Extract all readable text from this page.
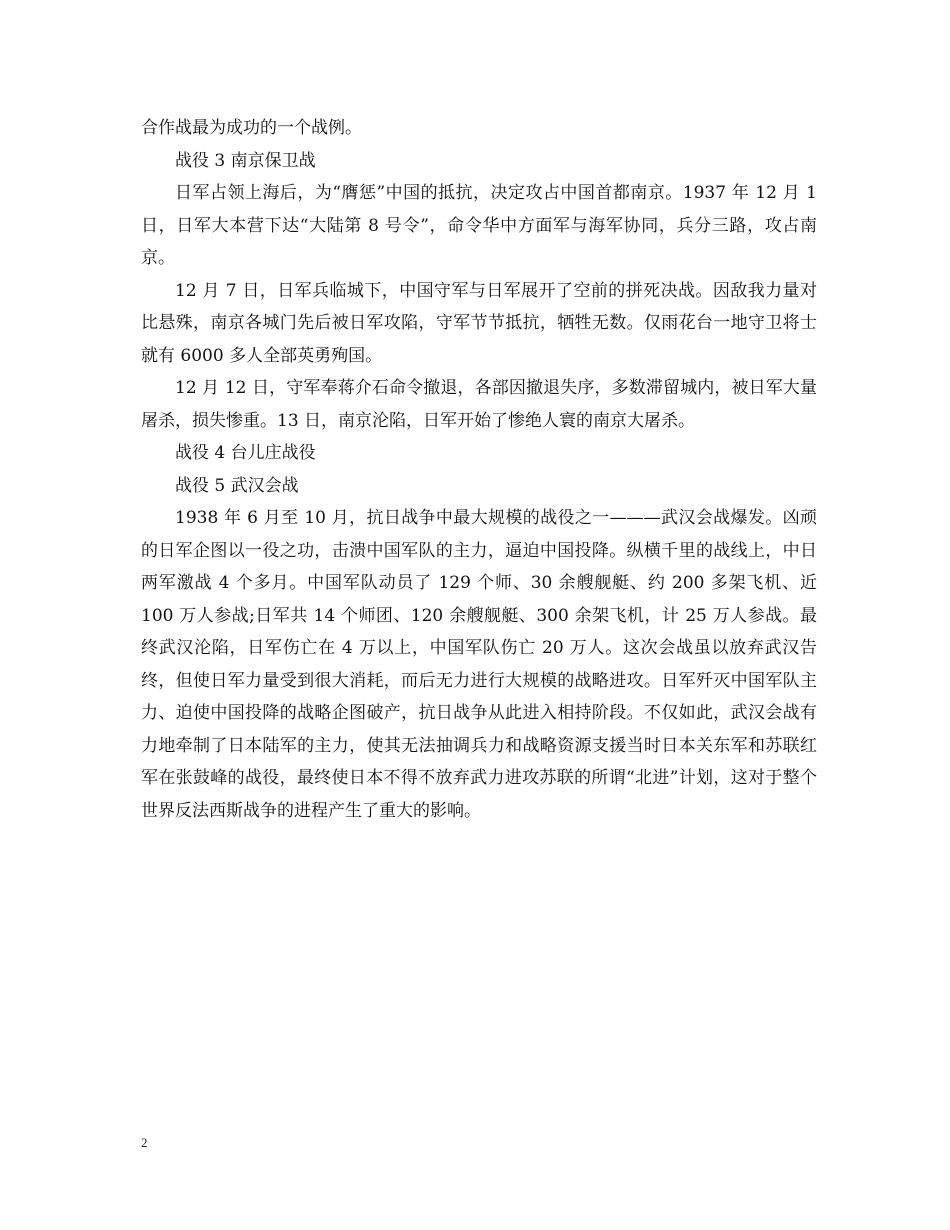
合作战最为成功的一个战例。

战役 3 南京保卫战

日军占领上海后，为“膺惩”中国的抵抗，决定攻占中国首都南京。1937 年 12 月 1 日，日军大本营下达“大陆第 8 号令”，命令华中方面军与海军协同，兵分三路，攻占南京。

12 月 7 日，日军兵临城下，中国守军与日军展开了空前的拼死决战。因敌我力量对比悬殊，南京各城门先后被日军攻陷，守军节节抵抗，牺牲无数。仅雨花台一地守卫将士就有 6000 多人全部英勇殉国。

12 月 12 日，守军奉蒋介石命令撤退，各部因撤退失序，多数滞留城内，被日军大量屠杀，损失惨重。13 日，南京沦陷，日军开始了惨绝人寰的南京大屠杀。

战役 4 台儿庄战役

战役 5 武汉会战

1938 年 6 月至 10 月，抗日战争中最大规模的战役之一———武汉会战爆发。凶顽的日军企图以一役之功，击溃中国军队的主力，逼迫中国投降。纵横千里的战线上，中日两军激战 4 个多月。中国军队动员了 129 个师、30 余艘舰艇、约 200 多架飞机、近 100 万人参战;日军共 14 个师团、120 余艘舰艇、300 余架飞机，计 25 万人参战。最终武汉沦陷，日军伤亡在 4 万以上，中国军队伤亡 20 万人。这次会战虽以放弃武汉告终，但使日军力量受到很大消耗，而后无力进行大规模的战略进攻。日军歼灭中国军队主力、迫使中国投降的战略企图破产，抗日战争从此进入相持阶段。不仅如此，武汉会战有力地牵制了日本陆军的主力，使其无法抽调兵力和战略资源支援当时日本关东军和苏联红军在张鼓峰的战役，最终使日本不得不放弃武力进攻苏联的所谓“北进”计划，这对于整个世界反法西斯战争的进程产生了重大的影响。

2
